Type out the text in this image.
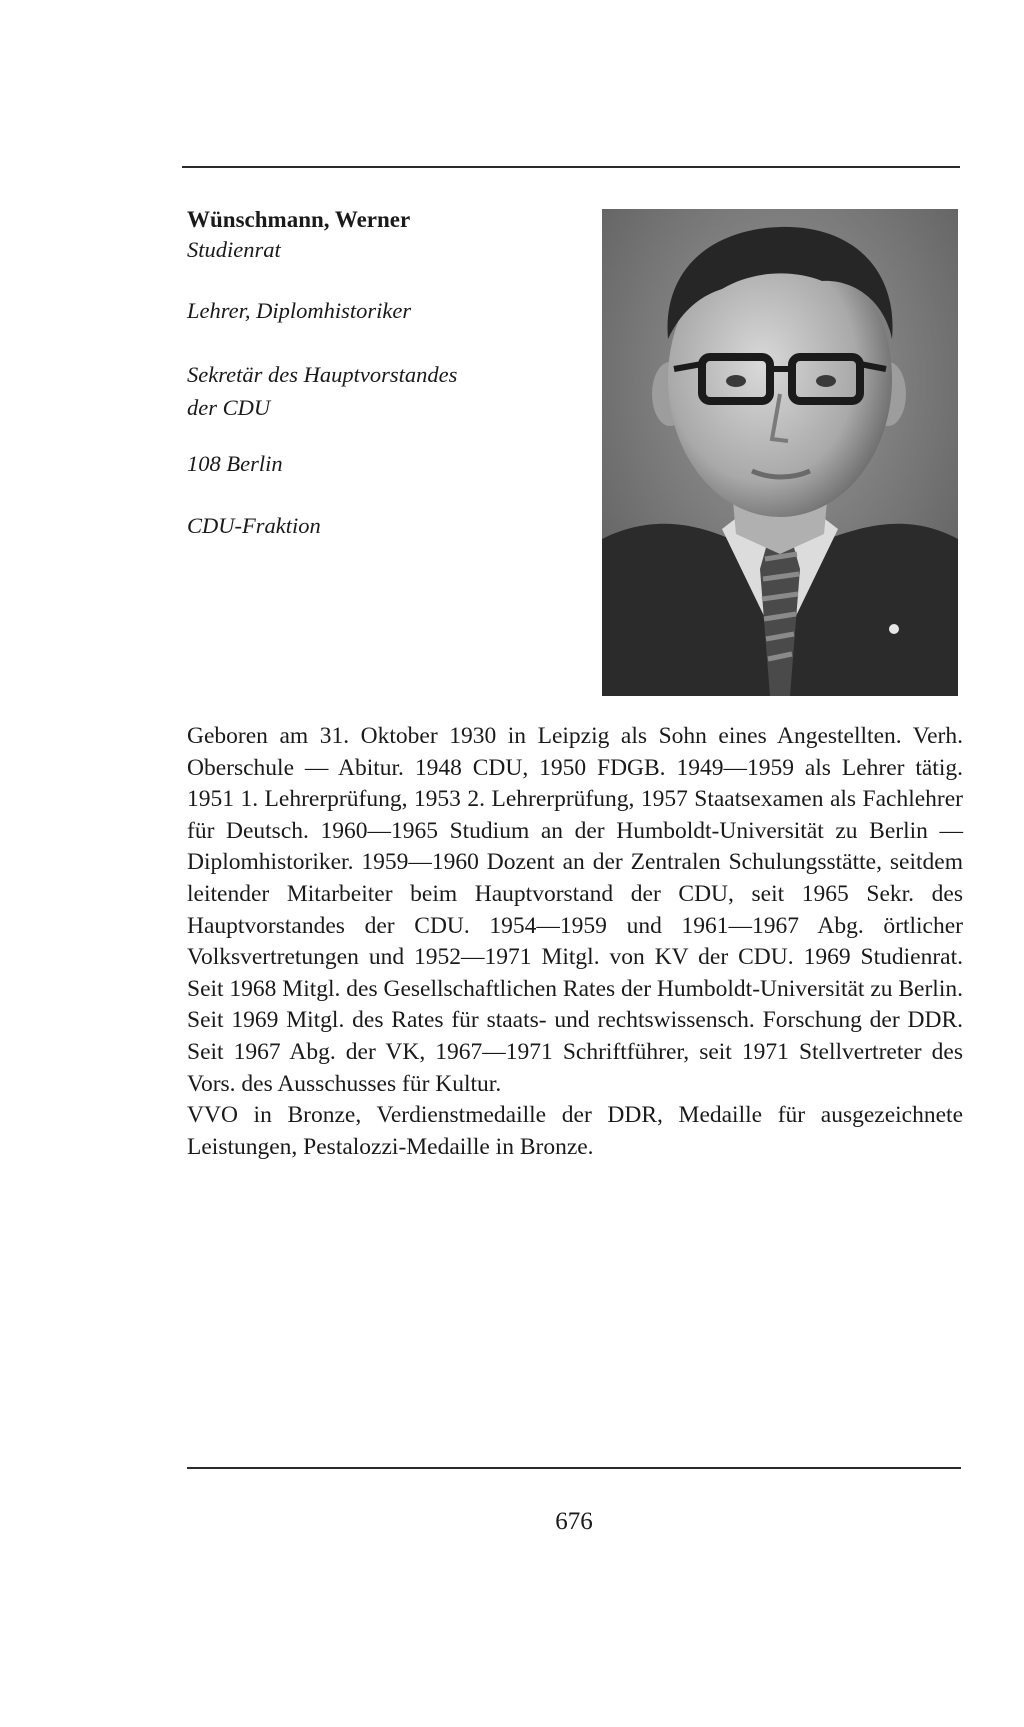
Wünschmann, Werner
Studienrat
Lehrer, Diplomhistoriker
Sekretär des Hauptvorstandes
der CDU
108 Berlin
CDU-Fraktion

Geboren am 31. Oktober 1930 in Leipzig als Sohn eines Angestellten. Verh. Oberschule — Abitur. 1948 CDU, 1950 FDGB. 1949—1959 als Lehrer tätig. 1951 1. Lehrerprüfung, 1953 2. Lehrerprüfung, 1957 Staatsexamen als Fachlehrer für Deutsch. 1960—1965 Studium an der Humboldt-Universität zu Berlin — Diplomhistoriker. 1959—1960 Dozent an der Zentralen Schulungsstätte, seitdem leitender Mitarbeiter beim Hauptvorstand der CDU, seit 1965 Sekr. des Hauptvorstandes der CDU. 1954—1959 und 1961—1967 Abg. örtlicher Volksvertretungen und 1952—1971 Mitgl. von KV der CDU. 1969 Studienrat. Seit 1968 Mitgl. des Gesellschaftlichen Rates der Humboldt-Universität zu Berlin. Seit 1969 Mitgl. des Rates für staats- und rechtswissensch. Forschung der DDR. Seit 1967 Abg. der VK, 1967—1971 Schriftführer, seit 1971 Stellvertreter des Vors. des Ausschusses für Kultur.

VVO in Bronze, Verdienstmedaille der DDR, Medaille für ausgezeichnete Leistungen, Pestalozzi-Medaille in Bronze.

676
